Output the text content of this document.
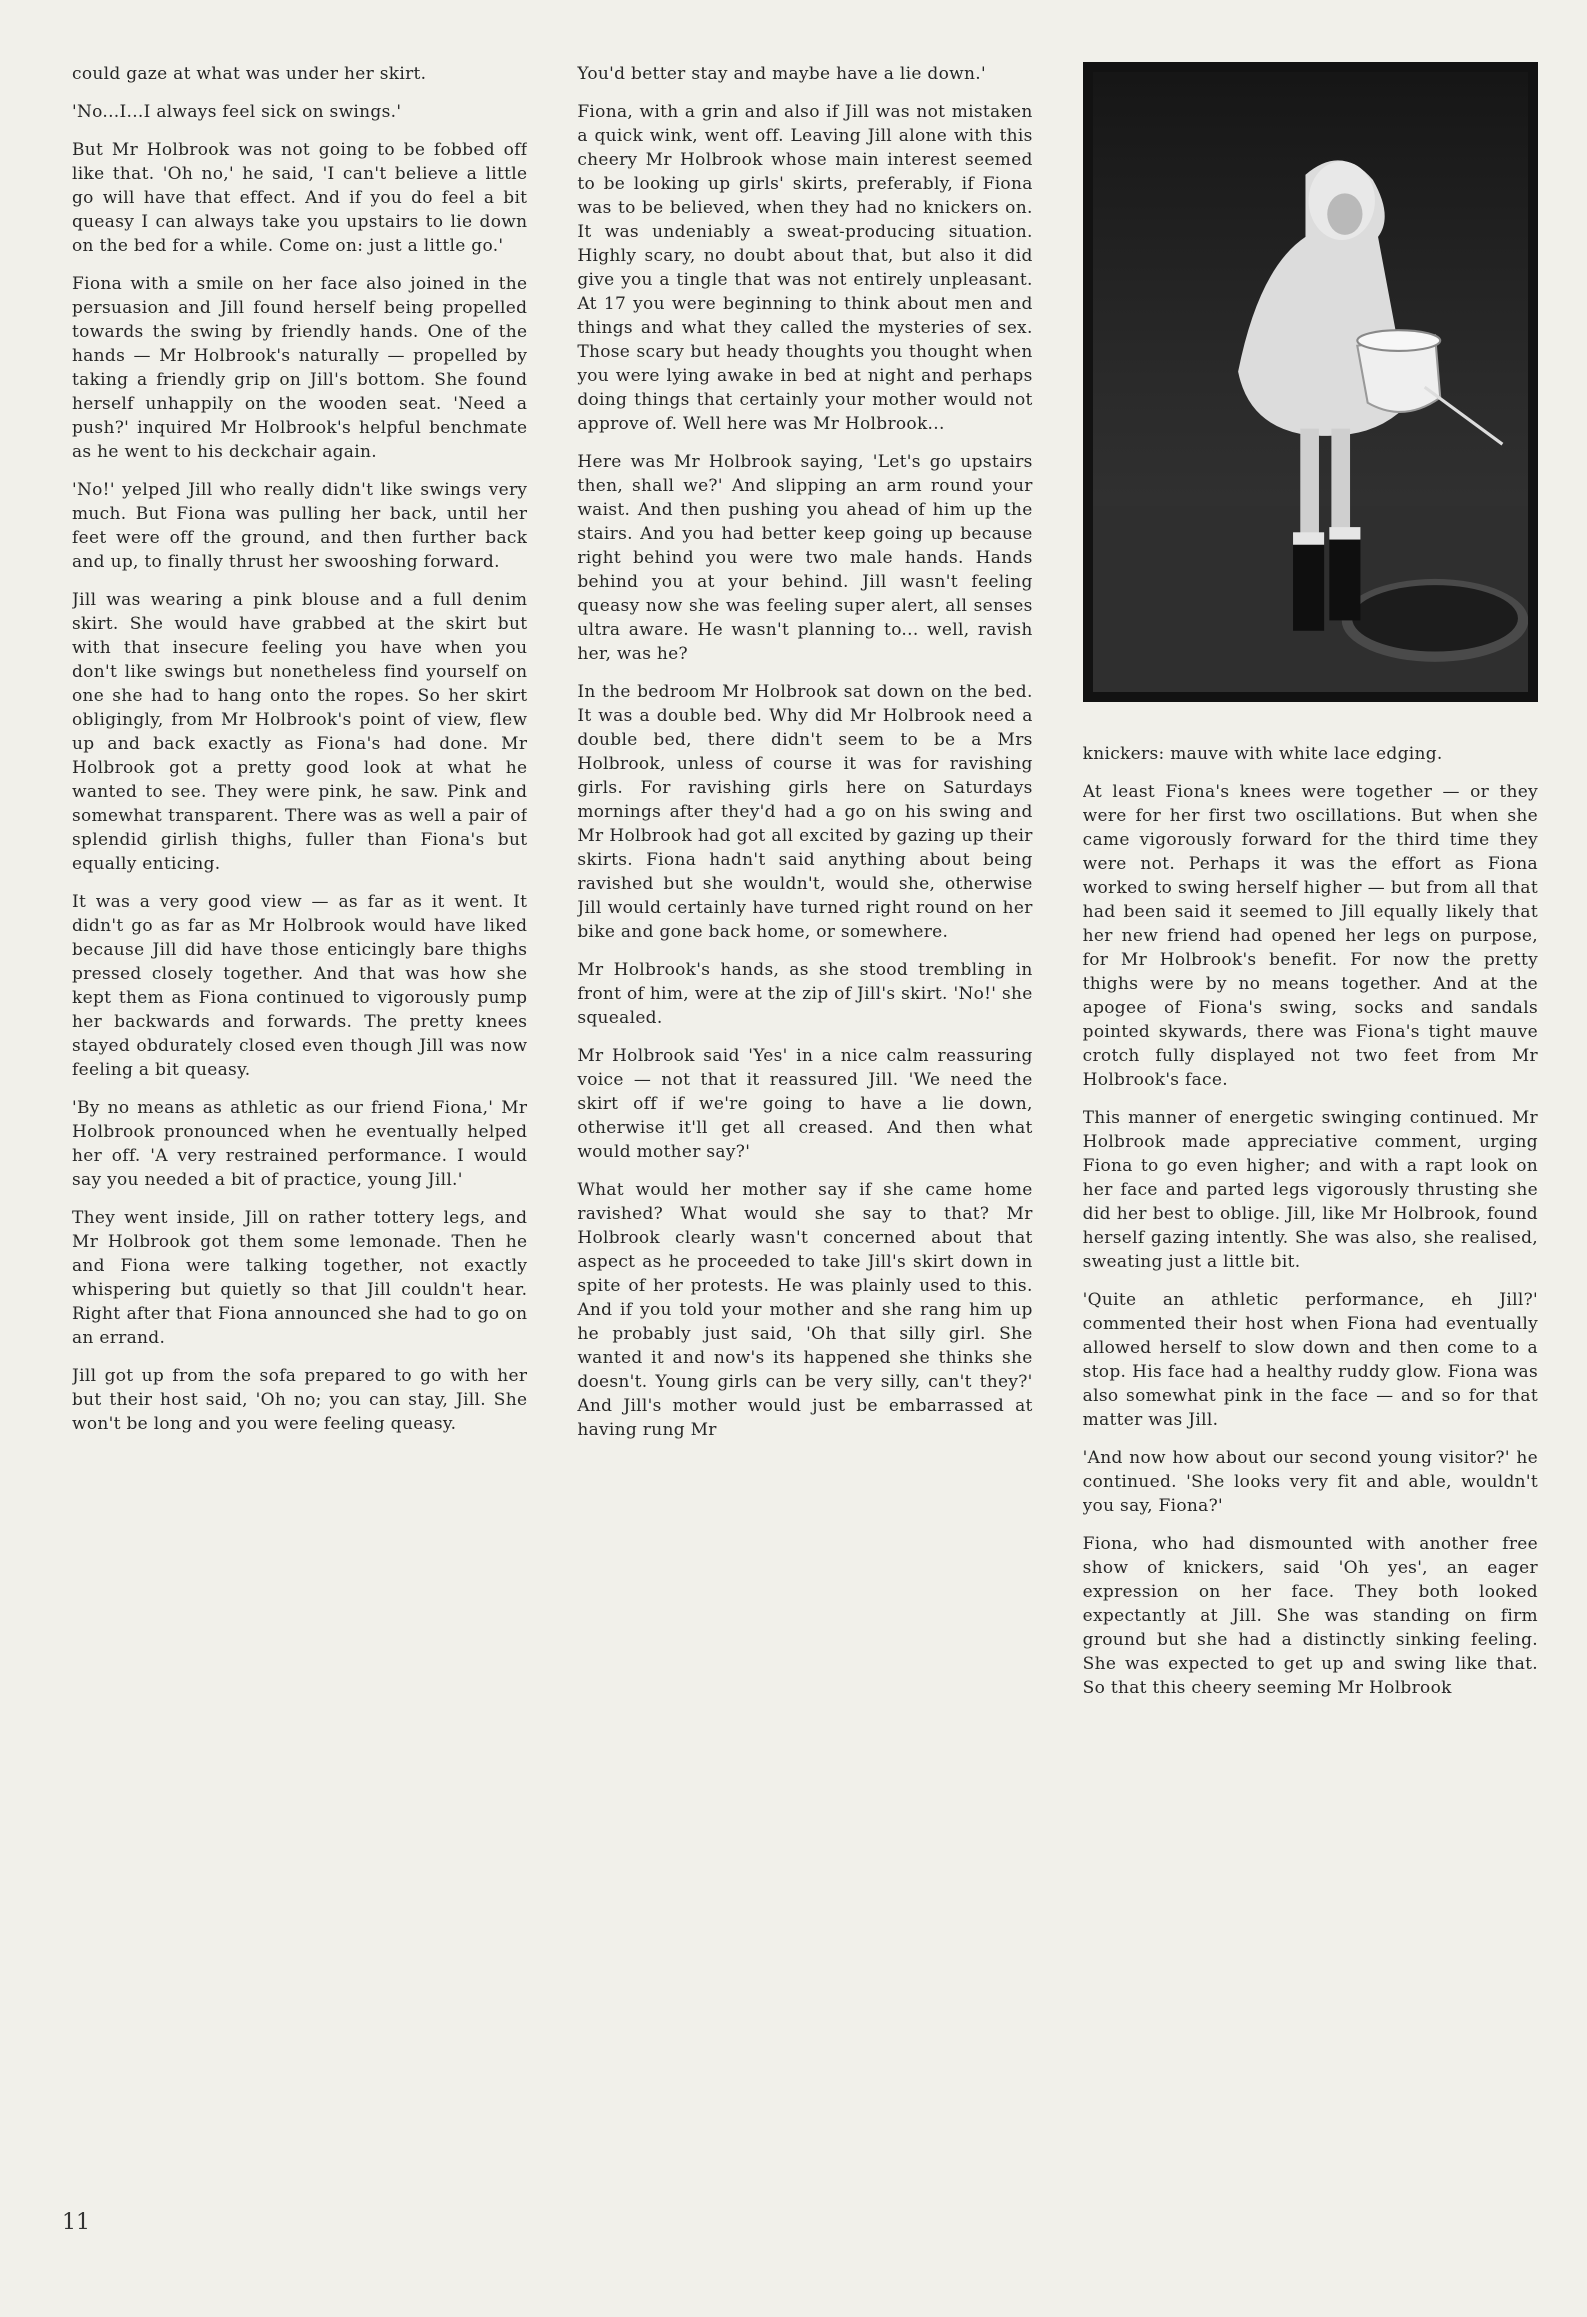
could gaze at what was under her skirt.

'No...I...I always feel sick on swings.'

But Mr Holbrook was not going to be fobbed off like that. 'Oh no,' he said, 'I can't believe a little go will have that effect. And if you do feel a bit queasy I can always take you upstairs to lie down on the bed for a while. Come on: just a little go.'

Fiona with a smile on her face also joined in the persuasion and Jill found herself being propelled towards the swing by friendly hands. One of the hands — Mr Holbrook's naturally — propelled by taking a friendly grip on Jill's bottom. She found herself unhappily on the wooden seat. 'Need a push?' inquired Mr Holbrook's helpful benchmate as he went to his deckchair again.

'No!' yelped Jill who really didn't like swings very much. But Fiona was pulling her back, until her feet were off the ground, and then further back and up, to finally thrust her swooshing forward.

Jill was wearing a pink blouse and a full denim skirt. She would have grabbed at the skirt but with that insecure feeling you have when you don't like swings but nonetheless find yourself on one she had to hang onto the ropes. So her skirt obligingly, from Mr Holbrook's point of view, flew up and back exactly as Fiona's had done. Mr Holbrook got a pretty good look at what he wanted to see. They were pink, he saw. Pink and somewhat transparent. There was as well a pair of splendid girlish thighs, fuller than Fiona's but equally enticing.

It was a very good view — as far as it went. It didn't go as far as Mr Holbrook would have liked because Jill did have those enticingly bare thighs pressed closely together. And that was how she kept them as Fiona continued to vigorously pump her backwards and forwards. The pretty knees stayed obdurately closed even though Jill was now feeling a bit queasy.

'By no means as athletic as our friend Fiona,' Mr Holbrook pronounced when he eventually helped her off. 'A very restrained performance. I would say you needed a bit of practice, young Jill.'

They went inside, Jill on rather tottery legs, and Mr Holbrook got them some lemonade. Then he and Fiona were talking together, not exactly whispering but quietly so that Jill couldn't hear. Right after that Fiona announced she had to go on an errand.

Jill got up from the sofa prepared to go with her but their host said, 'Oh no; you can stay, Jill. She won't be long and you were feeling queasy.

You'd better stay and maybe have a lie down.'

Fiona, with a grin and also if Jill was not mistaken a quick wink, went off. Leaving Jill alone with this cheery Mr Holbrook whose main interest seemed to be looking up girls' skirts, preferably, if Fiona was to be believed, when they had no knickers on. It was undeniably a sweat-producing situation. Highly scary, no doubt about that, but also it did give you a tingle that was not entirely unpleasant. At 17 you were beginning to think about men and things and what they called the mysteries of sex. Those scary but heady thoughts you thought when you were lying awake in bed at night and perhaps doing things that certainly your mother would not approve of. Well here was Mr Holbrook...

Here was Mr Holbrook saying, 'Let's go upstairs then, shall we?' And slipping an arm round your waist. And then pushing you ahead of him up the stairs. And you had better keep going up because right behind you were two male hands. Hands behind you at your behind. Jill wasn't feeling queasy now she was feeling super alert, all senses ultra aware. He wasn't planning to... well, ravish her, was he?

In the bedroom Mr Holbrook sat down on the bed. It was a double bed. Why did Mr Holbrook need a double bed, there didn't seem to be a Mrs Holbrook, unless of course it was for ravishing girls. For ravishing girls here on Saturdays mornings after they'd had a go on his swing and Mr Holbrook had got all excited by gazing up their skirts. Fiona hadn't said anything about being ravished but she wouldn't, would she, otherwise Jill would certainly have turned right round on her bike and gone back home, or somewhere.

Mr Holbrook's hands, as she stood trembling in front of him, were at the zip of Jill's skirt. 'No!' she squealed.

Mr Holbrook said 'Yes' in a nice calm reassuring voice — not that it reassured Jill. 'We need the skirt off if we're going to have a lie down, otherwise it'll get all creased. And then what would mother say?'

What would her mother say if she came home ravished? What would she say to that? Mr Holbrook clearly wasn't concerned about that aspect as he proceeded to take Jill's skirt down in spite of her protests. He was plainly used to this. And if you told your mother and she rang him up he probably just said, 'Oh that silly girl. She wanted it and now's its happened she thinks she doesn't. Young girls can be very silly, can't they?' And Jill's mother would just be embarrassed at having rung Mr

knickers: mauve with white lace edging.

At least Fiona's knees were together — or they were for her first two oscillations. But when she came vigorously forward for the third time they were not. Perhaps it was the effort as Fiona worked to swing herself higher — but from all that had been said it seemed to Jill equally likely that her new friend had opened her legs on purpose, for Mr Holbrook's benefit. For now the pretty thighs were by no means together. And at the apogee of Fiona's swing, socks and sandals pointed skywards, there was Fiona's tight mauve crotch fully displayed not two feet from Mr Holbrook's face.

This manner of energetic swinging continued. Mr Holbrook made appreciative comment, urging Fiona to go even higher; and with a rapt look on her face and parted legs vigorously thrusting she did her best to oblige. Jill, like Mr Holbrook, found herself gazing intently. She was also, she realised, sweating just a little bit.

'Quite an athletic performance, eh Jill?' commented their host when Fiona had eventually allowed herself to slow down and then come to a stop. His face had a healthy ruddy glow. Fiona was also somewhat pink in the face — and so for that matter was Jill.

'And now how about our second young visitor?' he continued. 'She looks very fit and able, wouldn't you say, Fiona?'

Fiona, who had dismounted with another free show of knickers, said 'Oh yes', an eager expression on her face. They both looked expectantly at Jill. She was standing on firm ground but she had a distinctly sinking feeling. She was expected to get up and swing like that. So that this cheery seeming Mr Holbrook

11
